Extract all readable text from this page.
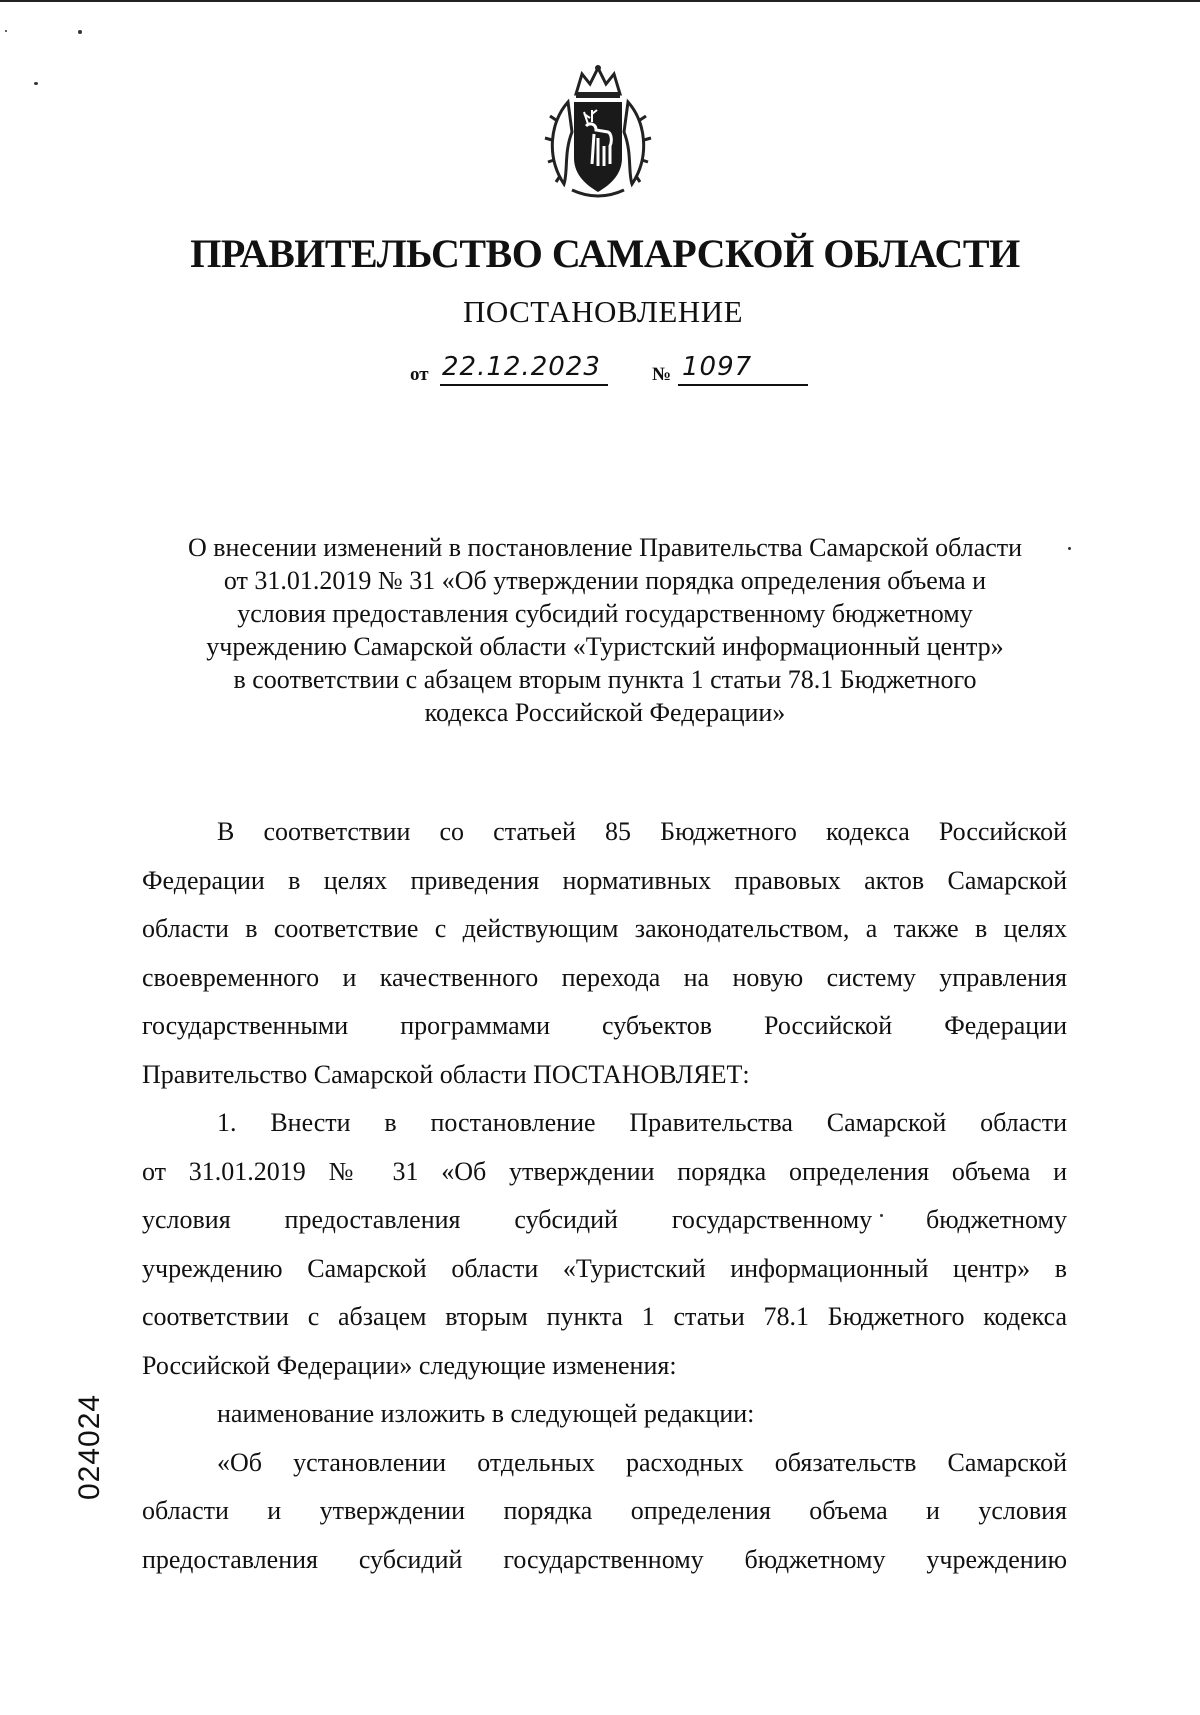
ПРАВИТЕЛЬСТВО САМАРСКОЙ ОБЛАСТИ
ПОСТАНОВЛЕНИЕ
от 22.12.2023	№ 1097
О внесении изменений в постановление Правительства Самарской области
от 31.01.2019 № 31 «Об утверждении порядка определения объема и
условия предоставления субсидий государственному бюджетному
учреждению Самарской области «Туристский информационный центр»
в соответствии с абзацем вторым пункта 1 статьи 78.1 Бюджетного
кодекса Российской Федерации»
В соответствии со статьей 85 Бюджетного кодекса Российской
Федерации в целях приведения нормативных правовых актов Самарской
области в соответствие с действующим законодательством, а также в целях
своевременного и качественного перехода на новую систему управления
государственными программами субъектов Российской Федерации
Правительство Самарской области ПОСТАНОВЛЯЕТ:
1. Внести в постановление Правительства Самарской области
от 31.01.2019 № 31 «Об утверждении порядка определения объема и
условия предоставления субсидий государственному бюджетному
учреждению Самарской области «Туристский информационный центр» в
соответствии с абзацем вторым пункта 1 статьи 78.1 Бюджетного кодекса
Российской Федерации» следующие изменения:
наименование изложить в следующей редакции:
«Об установлении отдельных расходных обязательств Самарской
области и утверждении порядка определения объема и условия
предоставления субсидий государственному бюджетному учреждению
024024
